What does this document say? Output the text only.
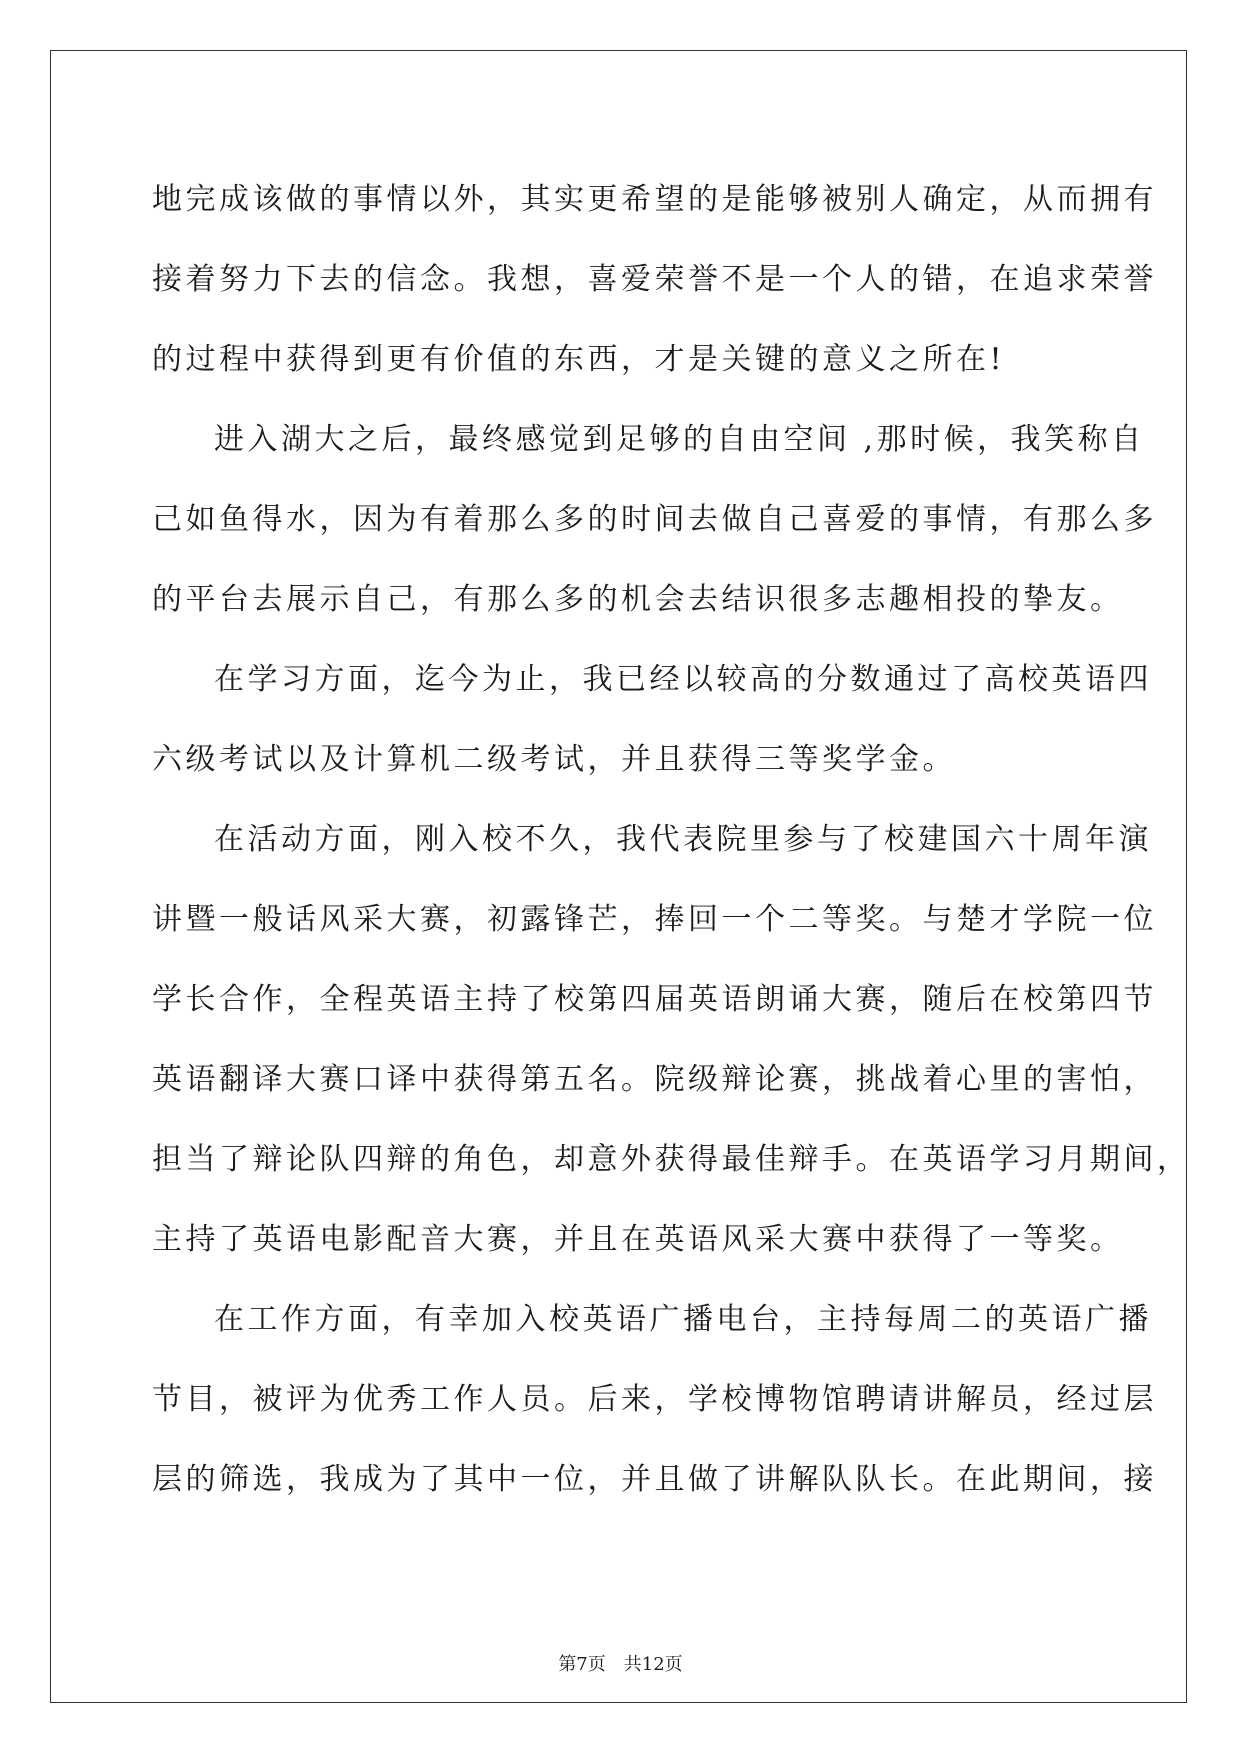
地完成该做的事情以外，其实更希望的是能够被别人确定，从而拥有
接着努力下去的信念。我想，喜爱荣誉不是一个人的错，在追求荣誉
的过程中获得到更有价值的东西，才是关键的意义之所在!
进入湖大之后，最终感觉到足够的自由空间 ,那时候，我笑称自
己如鱼得水，因为有着那么多的时间去做自己喜爱的事情，有那么多
的平台去展示自己，有那么多的机会去结识很多志趣相投的挚友。
在学习方面，迄今为止，我已经以较高的分数通过了高校英语四
六级考试以及计算机二级考试，并且获得三等奖学金。
在活动方面，刚入校不久，我代表院里参与了校建国六十周年演
讲暨一般话风采大赛，初露锋芒，捧回一个二等奖。与楚才学院一位
学长合作，全程英语主持了校第四届英语朗诵大赛，随后在校第四节
英语翻译大赛口译中获得第五名。院级辩论赛，挑战着心里的害怕，
担当了辩论队四辩的角色，却意外获得最佳辩手。在英语学习月期间，
主持了英语电影配音大赛，并且在英语风采大赛中获得了一等奖。
在工作方面，有幸加入校英语广播电台，主持每周二的英语广播
节目，被评为优秀工作人员。后来，学校博物馆聘请讲解员，经过层
层的筛选，我成为了其中一位，并且做了讲解队队长。在此期间，接
第7页 共12页
